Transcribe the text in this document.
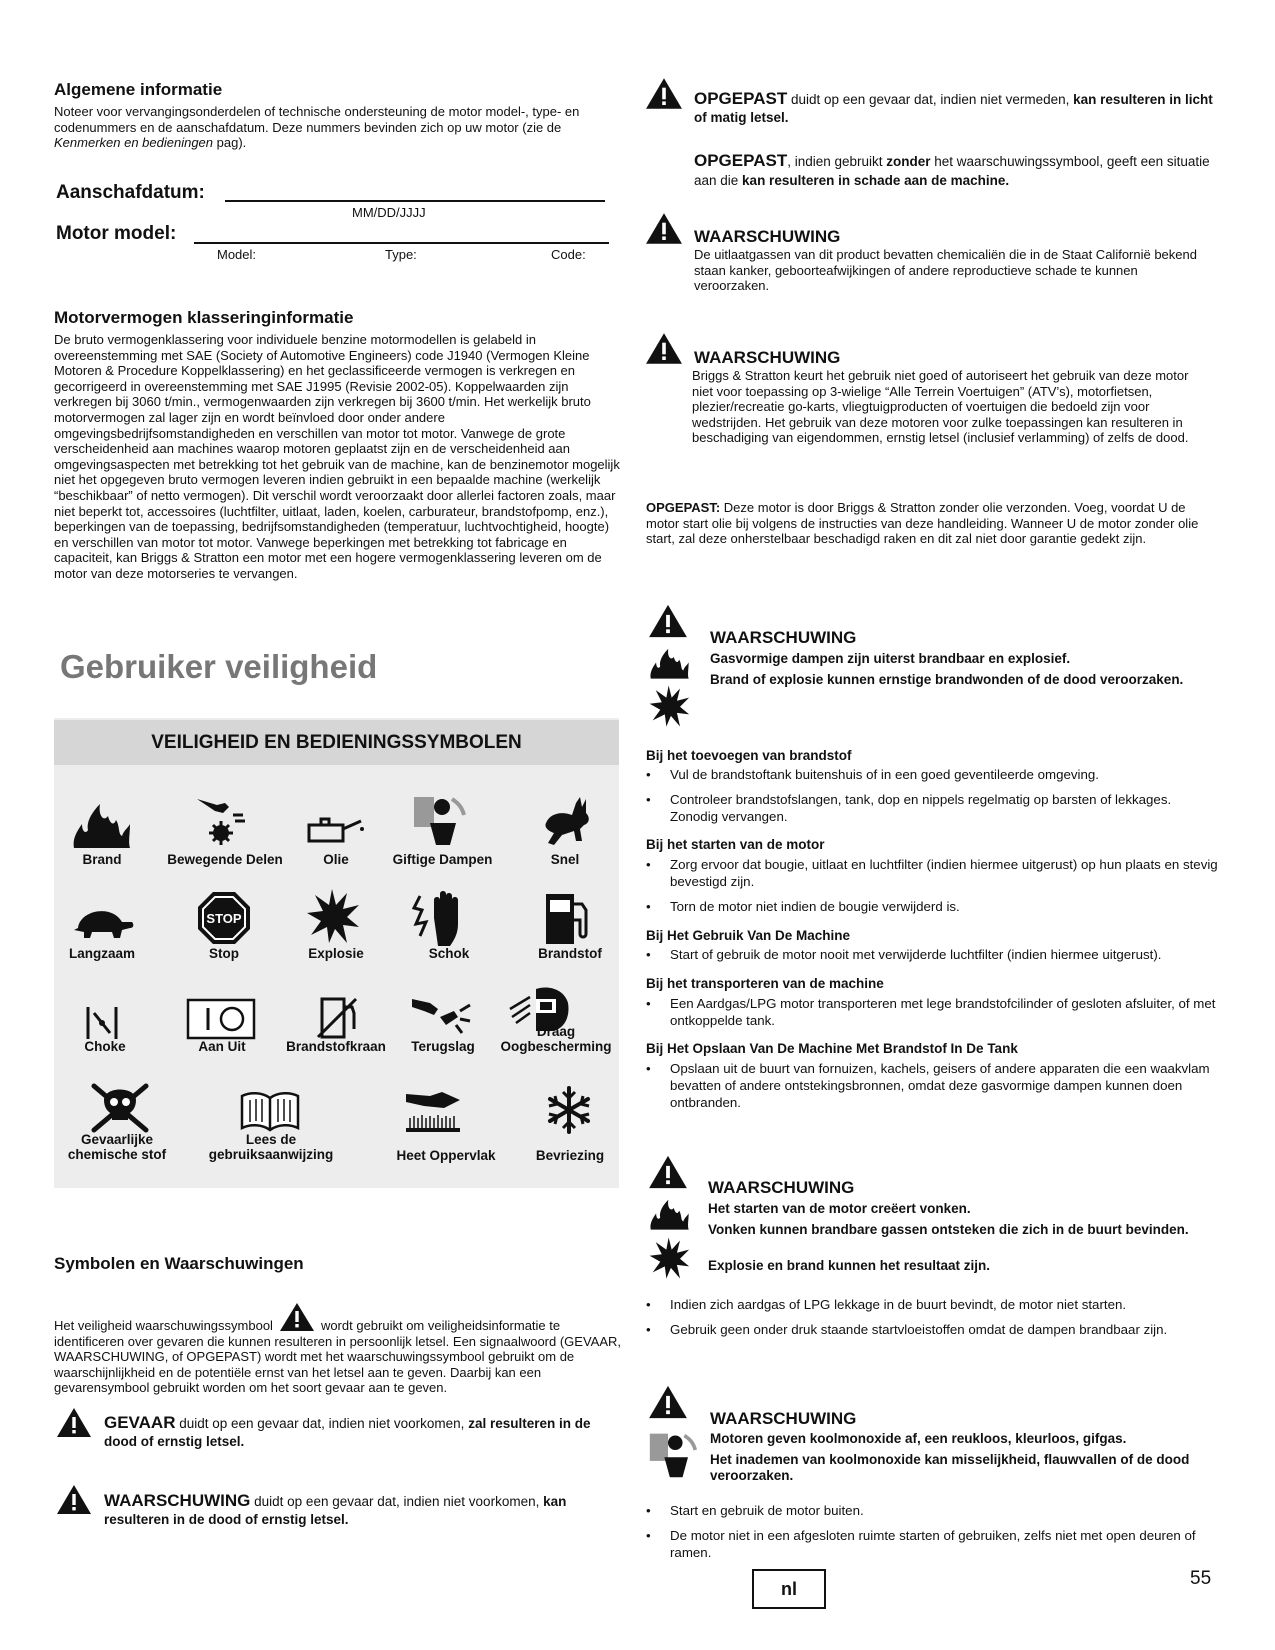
Algemene informatie

Noteer voor vervangingsonderdelen of technische ondersteuning de motor model-, type- en codenummers en de aanschafdatum. Deze nummers bevinden zich op uw motor (zie de Kenmerken en bedieningen pag).

Aanschafdatum:
MM/DD/JJJJ
Motor model:
Model:	Type:	Code:
Motorvermogen klasseringinformatie

De bruto vermogenklassering voor individuele benzine motormodellen is gelabeld in overeenstemming met SAE (Society of Automotive Engineers) code J1940 (Vermogen Kleine Motoren & Procedure Koppelklassering) en het geclassificeerde vermogen is verkregen en gecorrigeerd in overeenstemming met SAE J1995 (Revisie 2002-05). Koppelwaarden zijn verkregen bij 3060 t/min., vermogenwaarden zijn verkregen bij 3600 t/min. Het werkelijk bruto motorvermogen zal lager zijn en wordt beïnvloed door onder andere omgevingsbedrijfsomstandigheden en verschillen van motor tot motor. Vanwege de grote verscheidenheid aan machines waarop motoren geplaatst zijn en de verscheidenheid aan omgevingsaspecten met betrekking tot het gebruik van de machine, kan de benzinemotor mogelijk niet het opgegeven bruto vermogen leveren indien gebruikt in een bepaalde machine (werkelijk “beschikbaar” of netto vermogen). Dit verschil wordt veroorzaakt door allerlei factoren zoals, maar niet beperkt tot, accessoires (luchtfilter, uitlaat, laden, koelen, carburateur, brandstofpomp, enz.), beperkingen van de toepassing, bedrijfsomstandigheden (temperatuur, luchtvochtigheid, hoogte) en verschillen van motor tot motor. Vanwege beperkingen met betrekking tot fabricage en capaciteit, kan Briggs & Stratton een motor met een hogere vermogenklassering leveren om de motor van deze motorseries te vervangen.

Gebruiker veiligheid
VEILIGHEID EN BEDIENINGSSYMBOLEN
Brand	Bewegende Delen	Olie	Giftige Dampen	Snel
STOP
Langzaam	Stop	Explosie	Schok	Brandstof
Choke	Aan Uit	Brandstofkraan	Terugslag
Draag
Oogbescherming
Gevaarlijke
chemische stof
Lees de
gebruiksaanwijzing	Heet Oppervlak	Bevriezing
Symbolen en Waarschuwingen

Het veiligheid waarschuwingssymbool	wordt gebruikt om veiligheidsinformatie te identificeren over gevaren die kunnen resulteren in persoonlijk letsel. Een signaalwoord (GEVAAR, WAARSCHUWING, of OPGEPAST) wordt met het waarschuwingssymbool gebruikt om de waarschijnlijkheid en de potentiële ernst van het letsel aan te geven. Daarbij kan een gevarensymbool gebruikt worden om het soort gevaar aan te geven.

GEVAAR duidt op een gevaar dat, indien niet voorkomen, zal resulteren in de dood of ernstig letsel.

WAARSCHUWING duidt op een gevaar dat, indien niet voorkomen, kan resulteren in de dood of ernstig letsel.

OPGEPAST duidt op een gevaar dat, indien niet vermeden, kan resulteren in licht of matig letsel.

OPGEPAST, indien gebruikt zonder het waarschuwingssymbool, geeft een situatie aan die kan resulteren in schade aan de machine.

WAARSCHUWING

De uitlaatgassen van dit product bevatten chemicaliën die in de Staat Californië bekend staan kanker, geboorteafwijkingen of andere reproductieve schade te kunnen veroorzaken.

WAARSCHUWING

Briggs & Stratton keurt het gebruik niet goed of autoriseert het gebruik van deze motor niet voor toepassing op 3-wielige “Alle Terrein Voertuigen” (ATV’s), motorfietsen, plezier/recreatie go-karts, vliegtuigproducten of voertuigen die bedoeld zijn voor wedstrijden. Het gebruik van deze motoren voor zulke toepassingen kan resulteren in beschadiging van eigendommen, ernstig letsel (inclusief verlamming) of zelfs de dood.

OPGEPAST: Deze motor is door Briggs & Stratton zonder olie verzonden. Voeg, voordat U de motor start olie bij volgens de instructies van deze handleiding. Wanneer U de motor zonder olie start, zal deze onherstelbaar beschadigd raken en dit zal niet door garantie gedekt zijn.

WAARSCHUWING

Gasvormige dampen zijn uiterst brandbaar en explosief.

Brand of explosie kunnen ernstige brandwonden of de dood veroorzaken.

Bij het toevoegen van brandstof
• Vul de brandstoftank buitenshuis of in een goed geventileerde omgeving.
• Controleer brandstofslangen, tank, dop en nippels regelmatig op barsten of lekkages. Zonodig vervangen.
Bij het starten van de motor
• Zorg ervoor dat bougie, uitlaat en luchtfilter (indien hiermee uitgerust) op hun plaats en stevig bevestigd zijn.
• Torn de motor niet indien de bougie verwijderd is.
Bij Het Gebruik Van De Machine
• Start of gebruik de motor nooit met verwijderde luchtfilter (indien hiermee uitgerust).
Bij het transporteren van de machine
• Een Aardgas/LPG motor transporteren met lege brandstofcilinder of gesloten afsluiter, of met ontkoppelde tank.
Bij Het Opslaan Van De Machine Met Brandstof In De Tank
• Opslaan uit de buurt van fornuizen, kachels, geisers of andere apparaten die een waakvlam bevatten of andere ontstekingsbronnen, omdat deze gasvormige dampen kunnen doen ontbranden.
WAARSCHUWING

Het starten van de motor creëert vonken.

Vonken kunnen brandbare gassen ontsteken die zich in de buurt bevinden.

Explosie en brand kunnen het resultaat zijn.

• Indien zich aardgas of LPG lekkage in de buurt bevindt, de motor niet starten.
• Gebruik geen onder druk staande startvloeistoffen omdat de dampen brandbaar zijn.
WAARSCHUWING

Motoren geven koolmonoxide af, een reukloos, kleurloos, gifgas.

Het inademen van koolmonoxide kan misselijkheid, flauwvallen of de dood veroorzaken.

• Start en gebruik de motor buiten.
• De motor niet in een afgesloten ruimte starten of gebruiken, zelfs niet met open deuren of ramen.
nl	55
